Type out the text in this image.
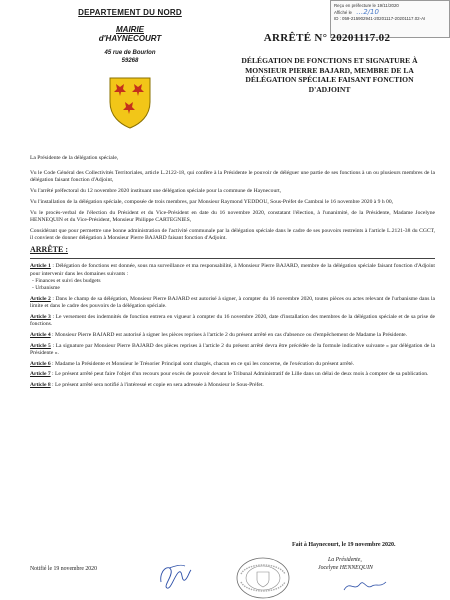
Reçu en préfecture le 19/11/2020
Affiché le …2/10
ID : 059-215902941-20201117-20201117.02-AI
DEPARTEMENT DU NORD
MAIRIE
d'HAYNECOURT
45 rue de Bourlon
59268
ARRÊTÉ N° 20201117.02
DÉLÉGATION DE FONCTIONS ET SIGNATURE À MONSIEUR PIERRE BAJARD, MEMBRE DE LA DÉLÉGATION SPÉCIALE FAISANT FONCTION D'ADJOINT
La Présidente de la délégation spéciale,
Vu le Code Général des Collectivités Territoriales, article L.2122-18, qui confère à la Présidente le pouvoir de déléguer une partie de ses fonctions à un ou plusieurs membres de la délégation faisant fonction d'Adjoint,
Vu l'arrêté préfectoral du 12 novembre 2020 instituant une délégation spéciale pour la commune de Haynecourt,
Vu l'installation de la délégation spéciale, composée de trois membres, par Monsieur Raymond YEDDOU, Sous-Préfet de Cambrai le 16 novembre 2020 à 9 h 00,
Vu le procès-verbal de l'élection du Président et du Vice-Président en date du 16 novembre 2020, constatant l'élection, à l'unanimité, de la Présidente, Madame Jocelyne HENNEQUIN et du Vice-Président, Monsieur Philippe CARTEGNIES,
Considérant que pour permettre une bonne administration de l'activité communale par la délégation spéciale dans le cadre de ses pouvoirs restreints à l'article L.2121-38 du CGCT, il convient de donner délégation à Monsieur Pierre BAJARD faisant fonction d'Adjoint.
ARRÊTE :
Article 1 : Délégation de fonctions est donnée, sous ma surveillance et ma responsabilité, à Monsieur Pierre BAJARD, membre de la délégation spéciale faisant fonction d'Adjoint pour intervenir dans les domaines suivants :
- Finances et suivi des budgets
- Urbanisme
Article 2 : Dans le champ de sa délégation, Monsieur Pierre BAJARD est autorisé à signer, à compter du 16 novembre 2020, toutes pièces ou actes relevant de l'urbanisme dans la limite et dans le cadre des pouvoirs de la délégation spéciale.
Article 3 : Le versement des indemnités de fonction entrera en vigueur à compter du 16 novembre 2020, date d'installation des membres de la délégation spéciale et de sa prise de fonctions.
Article 4 : Monsieur Pierre BAJARD est autorisé à signer les pièces reprises à l'article 2 du présent arrêté en cas d'absence ou d'empêchement de Madame la Présidente.
Article 5 : La signature par Monsieur Pierre BAJARD des pièces reprises à l'article 2 du présent arrêté devra être précédée de la formule indicative suivante « par délégation de la Présidente ».
Article 6 : Madame la Présidente et Monsieur le Trésorier Principal sont chargés, chacun en ce qui les concerne, de l'exécution du présent arrêté.
Article 7 : Le présent arrêté peut faire l'objet d'un recours pour excès de pouvoir devant le Tribunal Administratif de Lille dans un délai de deux mois à compter de sa publication.
Article 8 : Le présent arrêté sera notifié à l'intéressé et copie en sera adressée à Monsieur le Sous-Préfet.
Fait à Haynecourt, le 19 novembre 2020.
La Présidente,
Jocelyne HENNEQUIN
Notifié le 19 novembre 2020
